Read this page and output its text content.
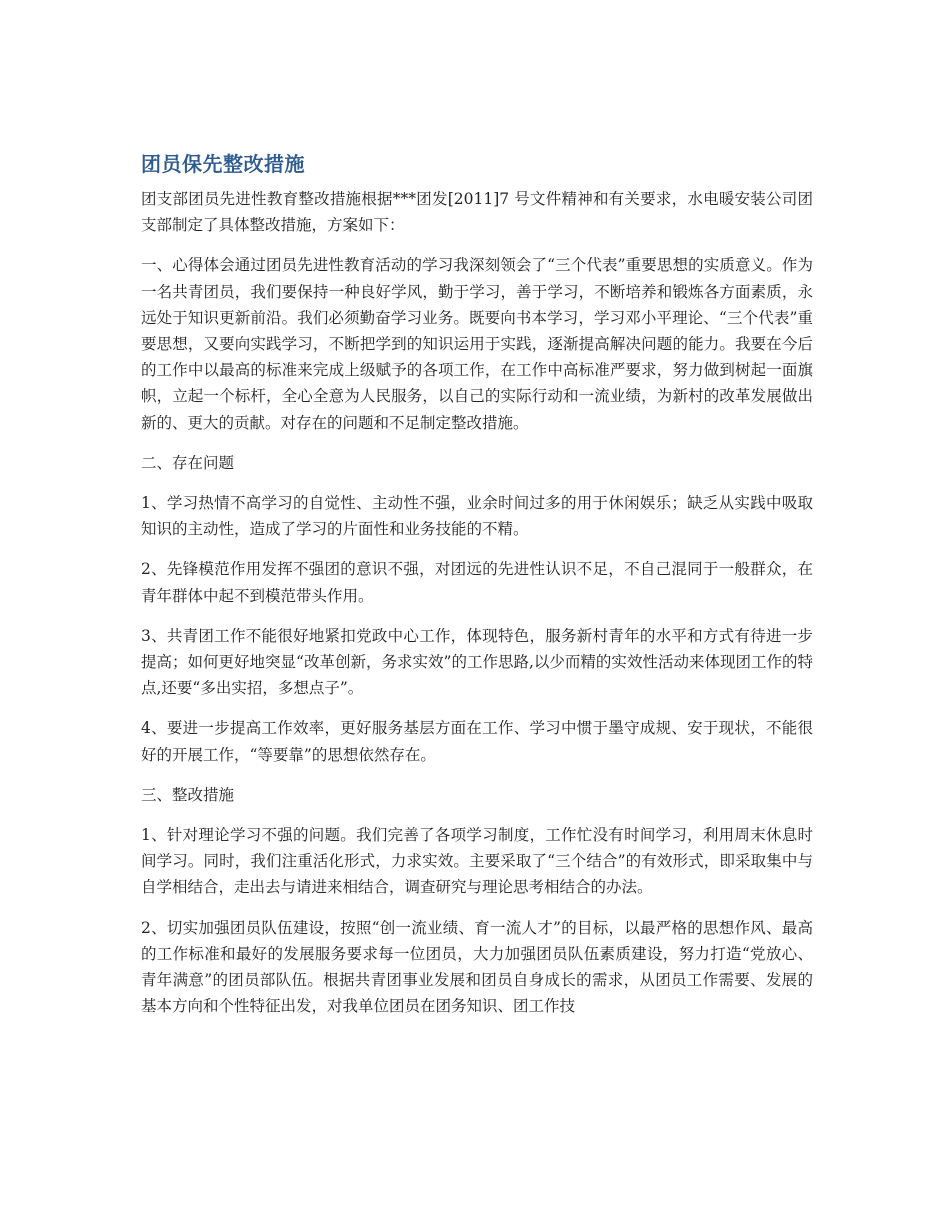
团员保先整改措施

团支部团员先进性教育整改措施根据***团发[2011]7 号文件精神和有关要求，水电暖安装公司团支部制定了具体整改措施，方案如下：

一、心得体会通过团员先进性教育活动的学习我深刻领会了“三个代表”重要思想的实质意义。作为一名共青团员，我们要保持一种良好学风，勤于学习，善于学习，不断培养和锻炼各方面素质，永远处于知识更新前沿。我们必须勤奋学习业务。既要向书本学习，学习邓小平理论、“三个代表”重要思想，又要向实践学习，不断把学到的知识运用于实践，逐渐提高解决问题的能力。我要在今后的工作中以最高的标准来完成上级赋予的各项工作，在工作中高标准严要求，努力做到树起一面旗帜，立起一个标杆，全心全意为人民服务，以自己的实际行动和一流业绩，为新村的改革发展做出新的、更大的贡献。对存在的问题和不足制定整改措施。

二、存在问题

1、学习热情不高学习的自觉性、主动性不强，业余时间过多的用于休闲娱乐；缺乏从实践中吸取知识的主动性，造成了学习的片面性和业务技能的不精。

2、先锋模范作用发挥不强团的意识不强，对团远的先进性认识不足，不自己混同于一般群众，在青年群体中起不到模范带头作用。

3、共青团工作不能很好地紧扣党政中心工作，体现特色，服务新村青年的水平和方式有待进一步提高；如何更好地突显“改革创新，务求实效”的工作思路,以少而精的实效性活动来体现团工作的特点,还要“多出实招，多想点子”。

4、要进一步提高工作效率，更好服务基层方面在工作、学习中惯于墨守成规、安于现状，不能很好的开展工作，“等要靠”的思想依然存在。

三、整改措施

1、针对理论学习不强的问题。我们完善了各项学习制度，工作忙没有时间学习，利用周末休息时间学习。同时，我们注重活化形式，力求实效。主要采取了“三个结合”的有效形式，即采取集中与自学相结合，走出去与请进来相结合，调查研究与理论思考相结合的办法。

2、切实加强团员队伍建设，按照“创一流业绩、育一流人才”的目标，以最严格的思想作风、最高的工作标准和最好的发展服务要求每一位团员，大力加强团员队伍素质建设，努力打造“党放心、青年满意”的团员部队伍。根据共青团事业发展和团员自身成长的需求，从团员工作需要、发展的基本方向和个性特征出发，对我单位团员在团务知识、团工作技
